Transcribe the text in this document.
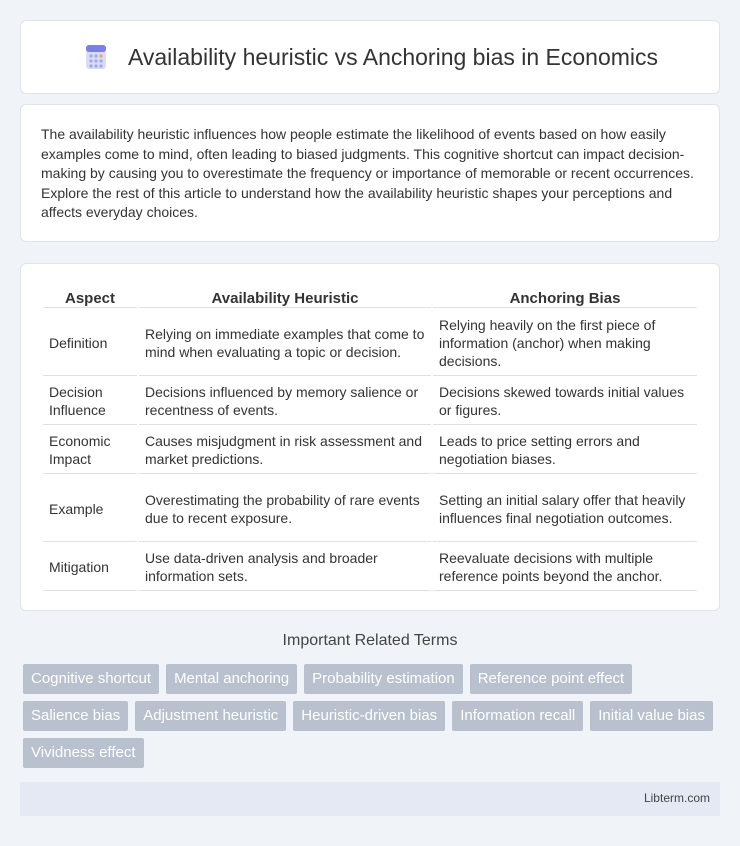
Availability heuristic vs Anchoring bias in Economics

The availability heuristic influences how people estimate the likelihood of events based on how easily examples come to mind, often leading to biased judgments. This cognitive shortcut can impact decision-making by causing you to overestimate the frequency or importance of memorable or recent occurrences. Explore the rest of this article to understand how the availability heuristic shapes your perceptions and affects everyday choices.

Aspect	Availability Heuristic	Anchoring Bias
Definition	Relying on immediate examples that come to mind when evaluating a topic or decision.	Relying heavily on the first piece of information (anchor) when making decisions.
Decision Influence	Decisions influenced by memory salience or recentness of events.	Decisions skewed towards initial values or figures.
Economic Impact	Causes misjudgment in risk assessment and market predictions.	Leads to price setting errors and negotiation biases.
Example	Overestimating the probability of rare events due to recent exposure.	Setting an initial salary offer that heavily influences final negotiation outcomes.
Mitigation	Use data-driven analysis and broader information sets.	Reevaluate decisions with multiple reference points beyond the anchor.
Important Related Terms
Cognitive shortcut	Mental anchoring	Probability estimation	Reference point effect
Salience bias	Adjustment heuristic	Heuristic-driven bias	Information recall	Initial value bias
Vividness effect
Libterm.com
